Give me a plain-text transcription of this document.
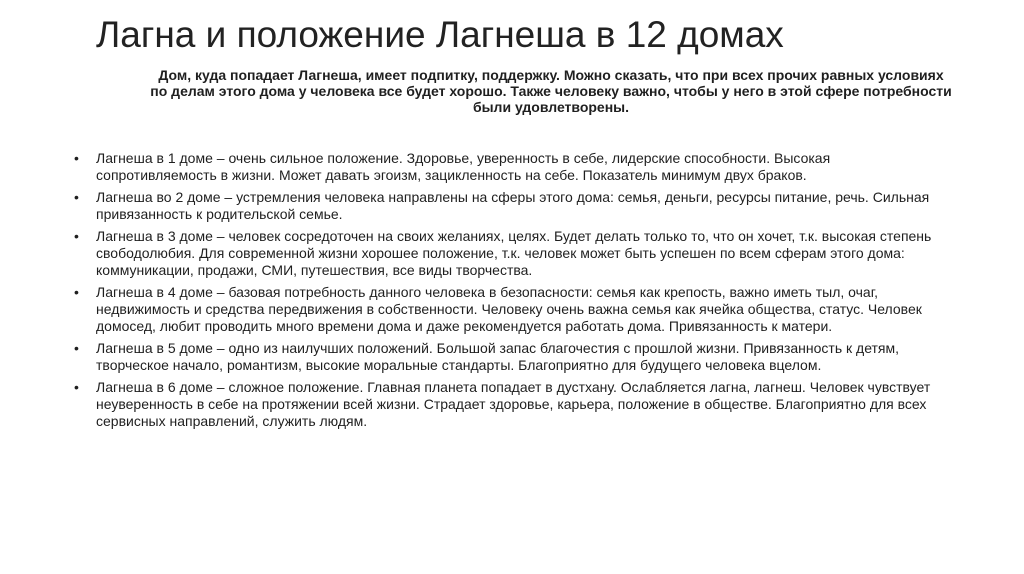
Лагна и положение Лагнеша в 12 домах
Дом, куда попадает Лагнеша, имеет подпитку, поддержку. Можно сказать, что при всех прочих равных условиях по делам этого дома у человека все будет хорошо. Также человеку важно, чтобы у него в этой сфере потребности были удовлетворены.
• Лагнеша в 1 доме – очень сильное положение. Здоровье, уверенность в себе, лидерские способности. Высокая сопротивляемость в жизни. Может давать эгоизм, зацикленность на себе. Показатель минимум двух браков.
• Лагнеша во 2 доме – устремления человека направлены на сферы этого дома: семья, деньги, ресурсы питание, речь. Сильная привязанность к родительской семье.
• Лагнеша в 3 доме – человек сосредоточен на своих желаниях, целях. Будет делать только то, что он хочет, т.к. высокая степень свободолюбия. Для современной жизни хорошее положение, т.к. человек может быть успешен по всем сферам этого дома: коммуникации, продажи, СМИ, путешествия, все виды творчества.
• Лагнеша в 4 доме – базовая потребность данного человека в безопасности: семья как крепость, важно иметь тыл, очаг, недвижимость и средства передвижения в собственности. Человеку очень важна семья как ячейка общества, статус. Человек домосед, любит проводить много времени дома и даже рекомендуется работать дома. Привязанность к матери.
• Лагнеша в 5 доме – одно из наилучших положений. Большой запас благочестия с прошлой жизни. Привязанность к детям, творческое начало, романтизм, высокие моральные стандарты. Благоприятно для будущего человека вцелом.
• Лагнеша в 6 доме – сложное положение. Главная планета попадает в дустхану. Ослабляется лагна, лагнеш. Человек чувствует неуверенность в себе на протяжении всей жизни. Страдает здоровье, карьера, положение в обществе. Благоприятно для всех сервисных направлений, служить людям.
